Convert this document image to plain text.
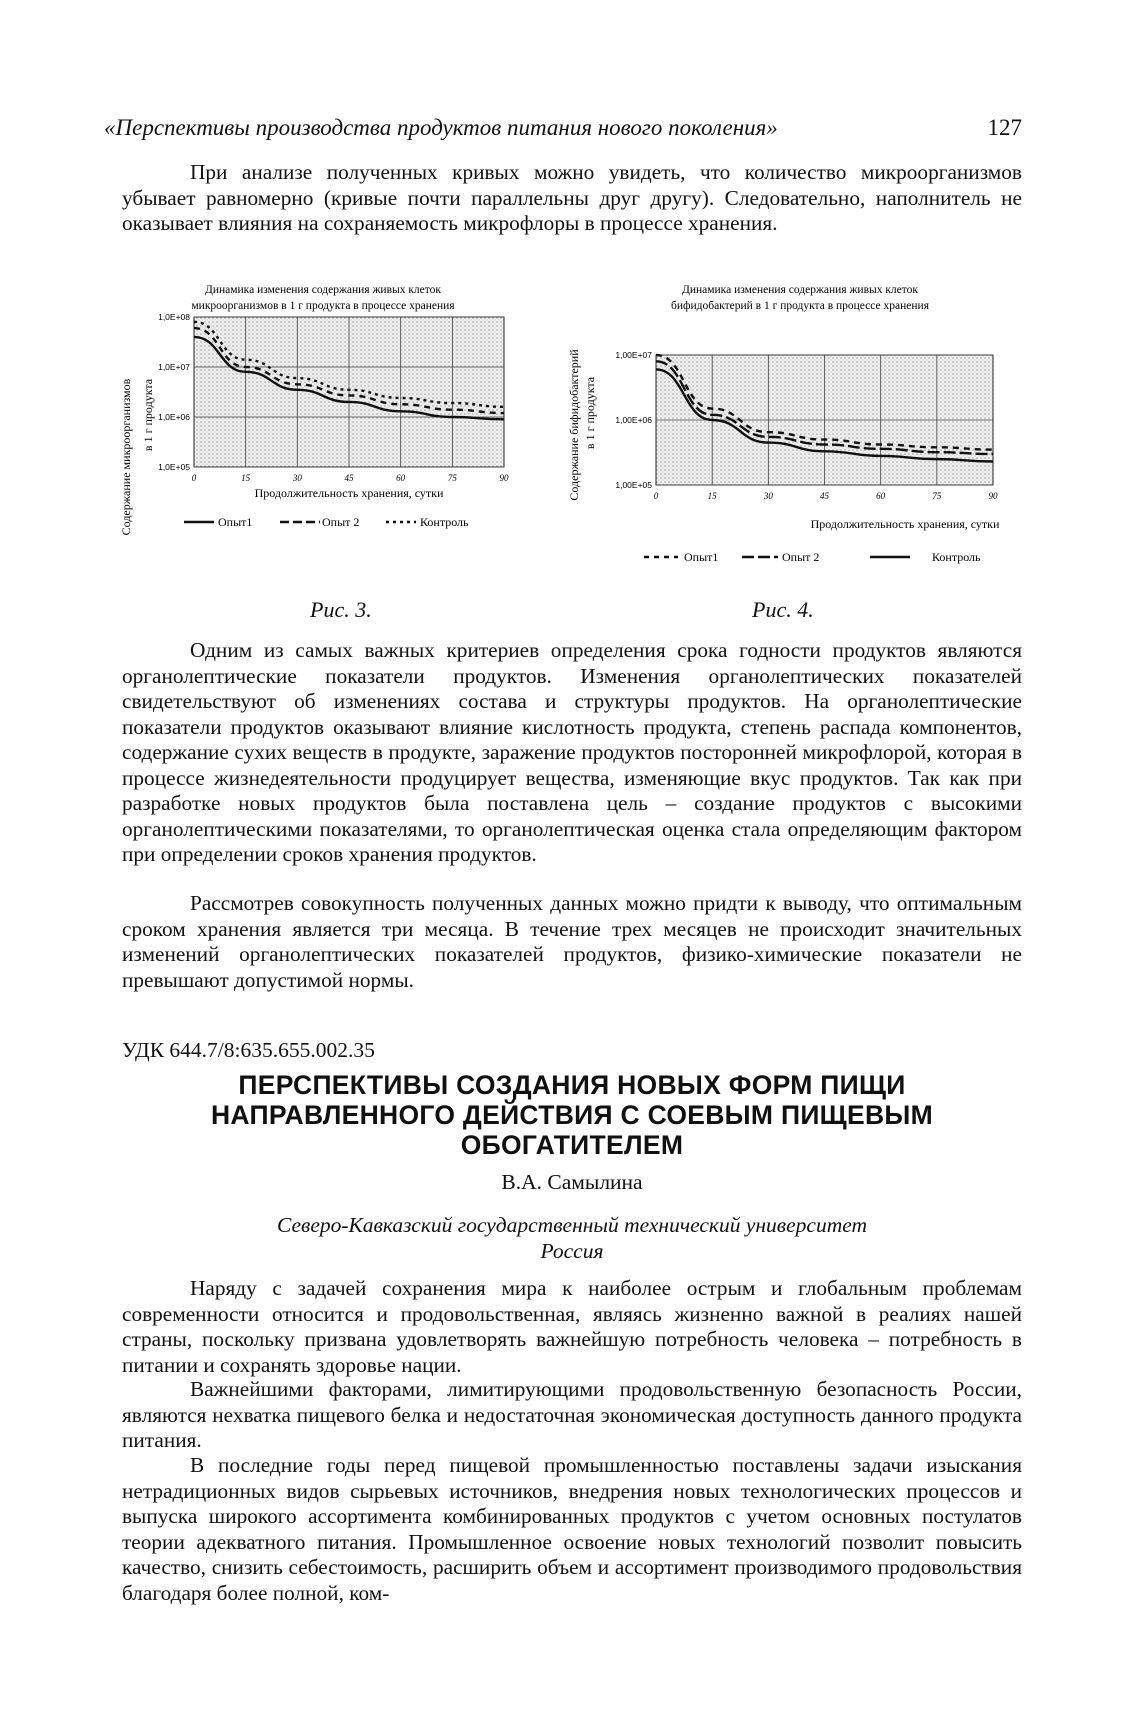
«Перспективы производства продуктов питания нового поколения»	127
При анализе полученных кривых можно увидеть, что количество микроорганизмов убывает равномерно (кривые почти параллельны друг другу). Следовательно, наполнитель не оказывает влияния на сохраняемость микрофлоры в процессе хранения.
Динамика изменения содержания живых клеток
микроорганизмов в 1 г продукта в процессе хранения
Содержание микроорганизмов в 1 г продукта
1,0E+08
1,0E+07
1,0E+06
1,0E+05
0	15	30	45	60	75	90
Продолжительность хранения, сутки
Опыт1	Опыт 2	Контроль
Рис. 3.
Динамика изменения содержания живых клеток
бифидобактерий в 1 г продукта в процессе хранения
Содержание бифидобактерий в 1 г продукта
1,00E+07
1,00E+06
1,00E+05
0	15	30	45	60	75	90
Продолжительность хранения, сутки
Опыт1	Опыт 2	Контроль
Рис. 4.
Одним из самых важных критериев определения срока годности продуктов являются органолептические показатели продуктов. Изменения органолептических показателей свидетельствуют об изменениях состава и структуры продуктов. На органолептические показатели продуктов оказывают влияние кислотность продукта, степень распада компонентов, содержание сухих веществ в продукте, заражение продуктов посторонней микрофлорой, которая в процессе жизнедеятельности продуцирует вещества, изменяющие вкус продуктов. Так как при разработке новых продуктов была поставлена цель – создание продуктов с высокими органолептическими показателями, то органолептическая оценка стала определяющим фактором при определении сроков хранения продуктов.
Рассмотрев совокупность полученных данных можно придти к выводу, что оптимальным сроком хранения является три месяца. В течение трех месяцев не происходит значительных изменений органолептических показателей продуктов, физико-химические показатели не превышают допустимой нормы.
УДК 644.7/8:635.655.002.35
ПЕРСПЕКТИВЫ СОЗДАНИЯ НОВЫХ ФОРМ ПИЩИ НАПРАВЛЕННОГО ДЕЙСТВИЯ С СОЕВЫМ ПИЩЕВЫМ ОБОГАТИТЕЛЕМ
В.А. Самылина
Северо-Кавказский государственный технический университет
Россия
Наряду с задачей сохранения мира к наиболее острым и глобальным проблемам современности относится и продовольственная, являясь жизненно важной в реалиях нашей страны, поскольку призвана удовлетворять важнейшую потребность человека – потребность в питании и сохранять здоровье нации.
Важнейшими факторами, лимитирующими продовольственную безопасность России, являются нехватка пищевого белка и недостаточная экономическая доступность данного продукта питания.
В последние годы перед пищевой промышленностью поставлены задачи изыскания нетрадиционных видов сырьевых источников, внедрения новых технологических процессов и выпуска широкого ассортимента комбинированных продуктов с учетом основных постулатов теории адекватного питания. Промышленное освоение новых технологий позволит повысить качество, снизить себестоимость, расширить объем и ассортимент производимого продовольствия благодаря более полной, ком-
